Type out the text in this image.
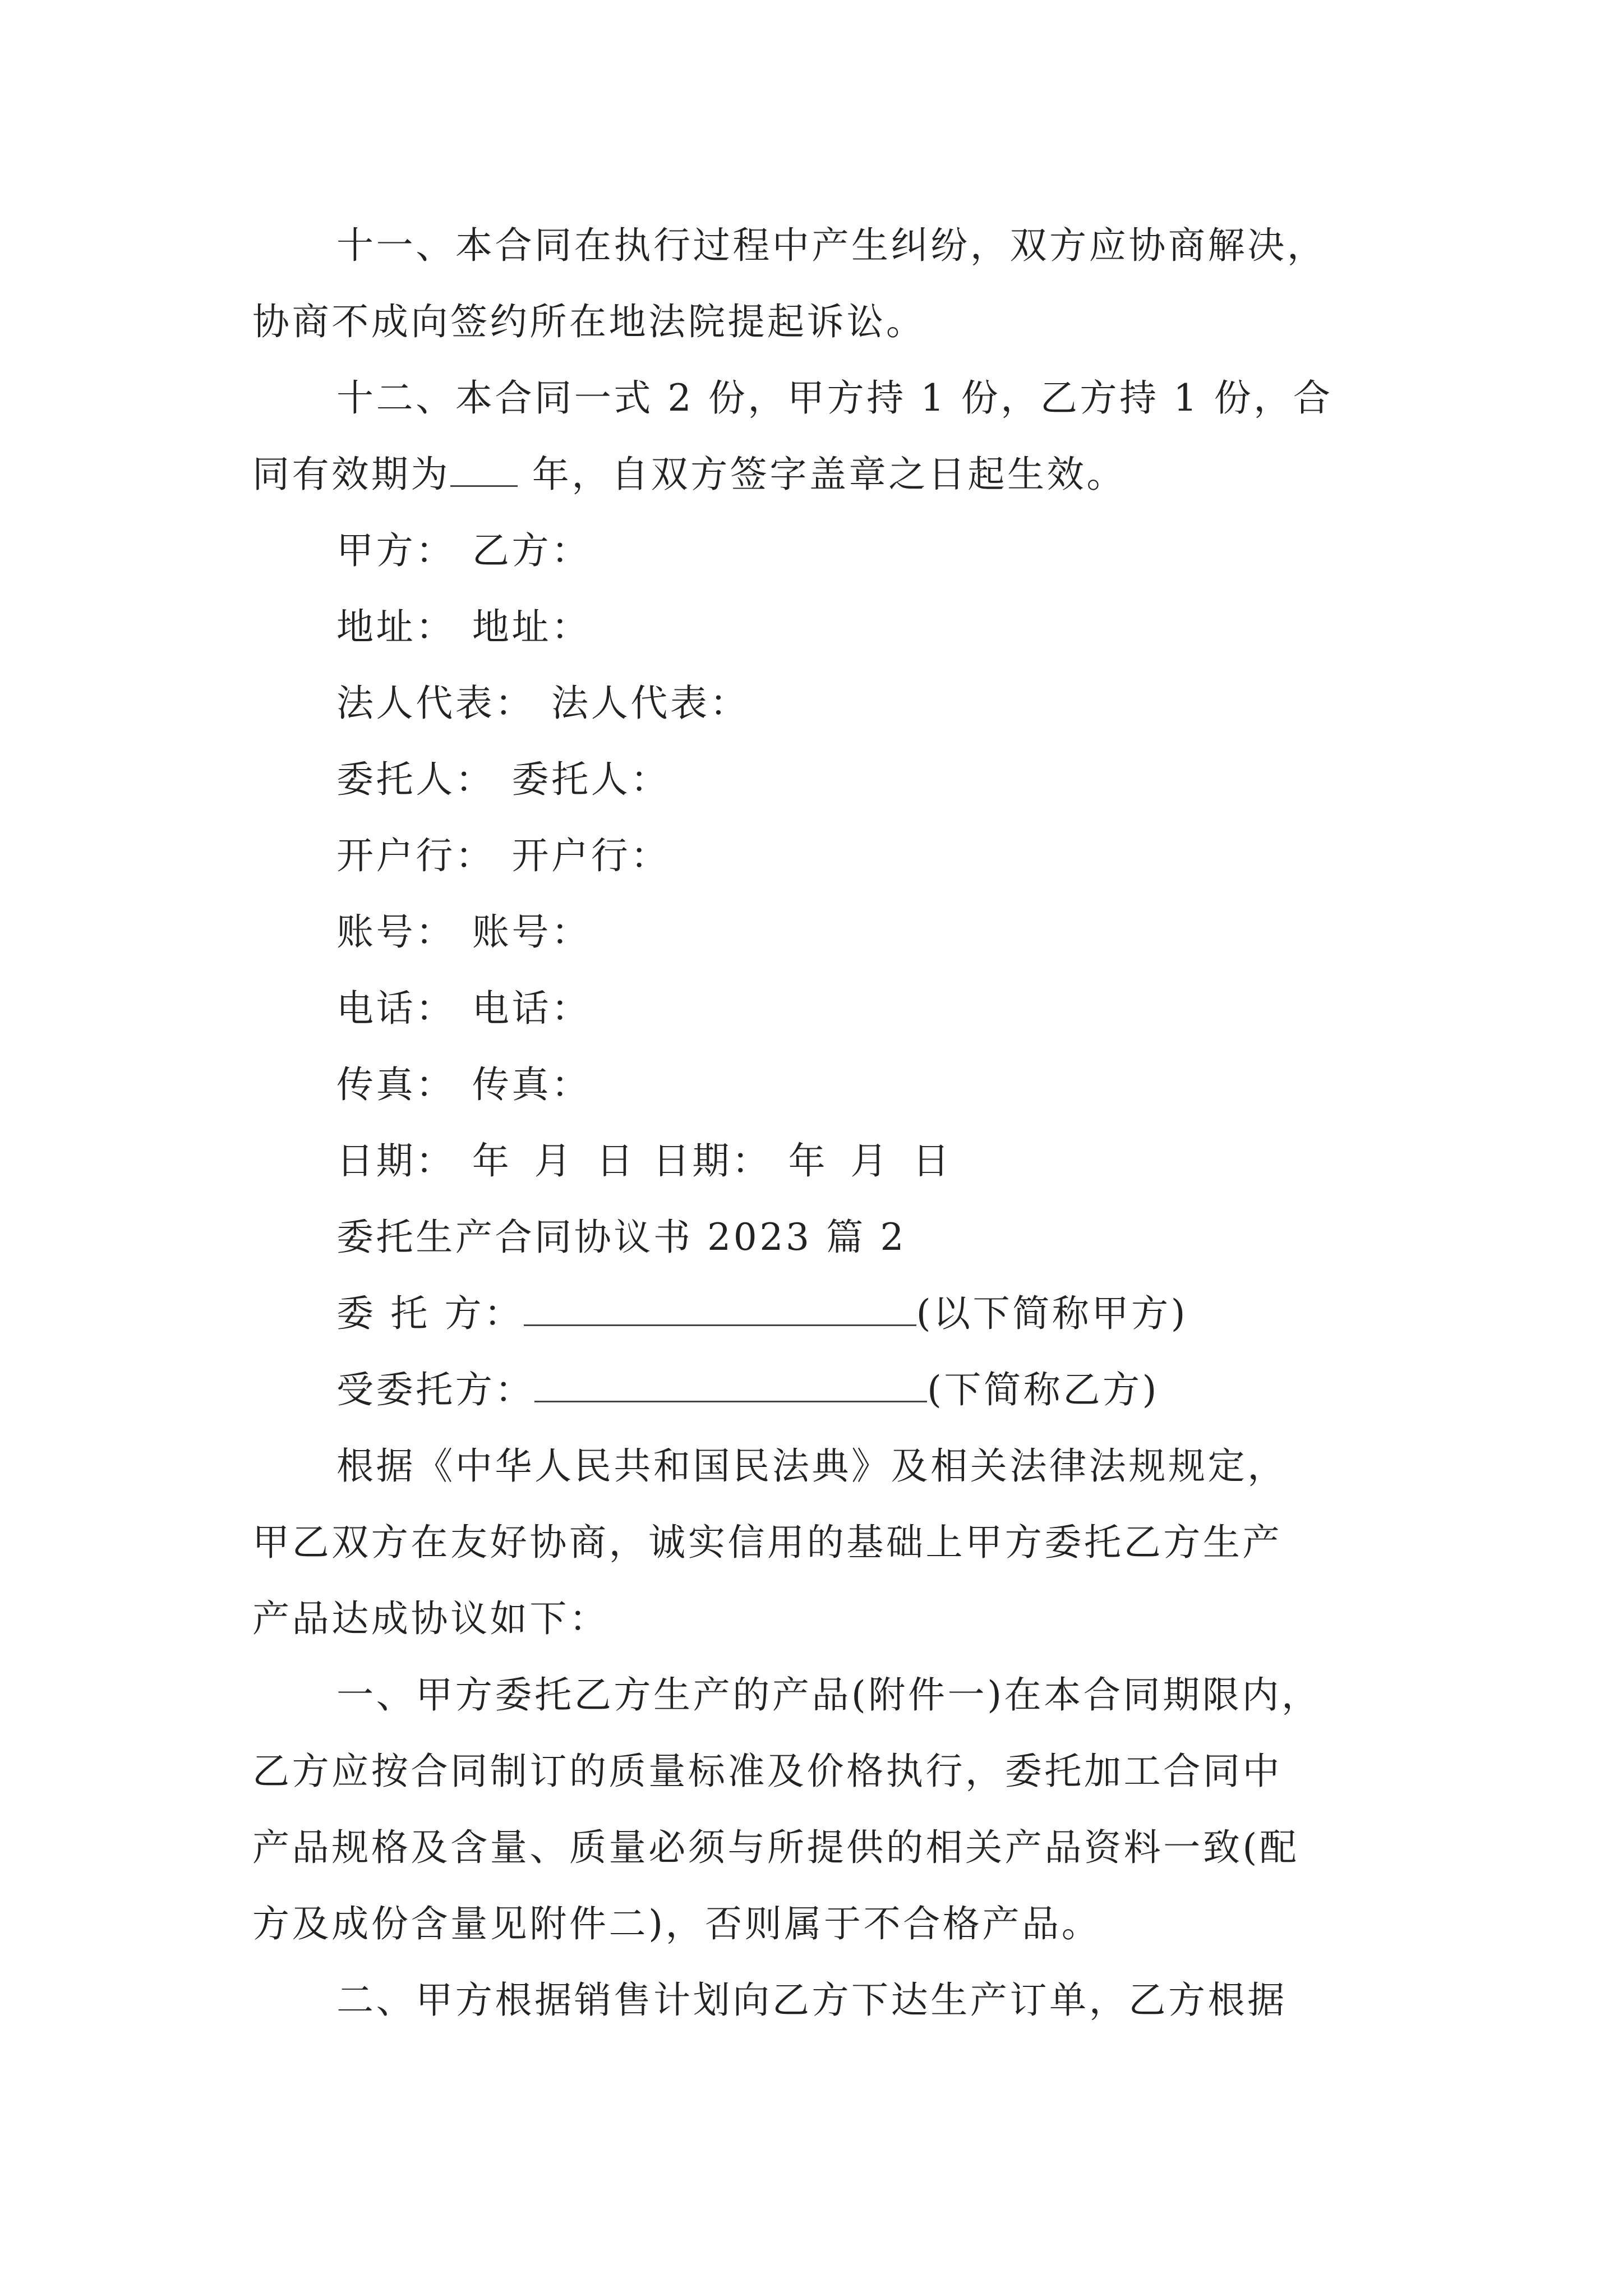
十一、本合同在执行过程中产生纠纷，双方应协商解决，
协商不成向签约所在地法院提起诉讼。
十二、本合同一式 2 份，甲方持 1 份，乙方持 1 份，合
同有效期为 年，自双方签字盖章之日起生效。
甲方： 乙方：
地址： 地址：
法人代表： 法人代表：
委托人： 委托人：
开户行： 开户行：
账号： 账号：
电话： 电话：
传真： 传真：
日期： 年 月 日 日期： 年 月 日
委托生产合同协议书 2023 篇 2
委 托 方：	(以下简称甲方)
受委托方：	(下简称乙方)
根据《中华人民共和国民法典》及相关法律法规规定，
甲乙双方在友好协商，诚实信用的基础上甲方委托乙方生产
产品达成协议如下：
一、甲方委托乙方生产的产品(附件一)在本合同期限内，
乙方应按合同制订的质量标准及价格执行，委托加工合同中
产品规格及含量、质量必须与所提供的相关产品资料一致(配
方及成份含量见附件二)，否则属于不合格产品。
二、甲方根据销售计划向乙方下达生产订单，乙方根据
